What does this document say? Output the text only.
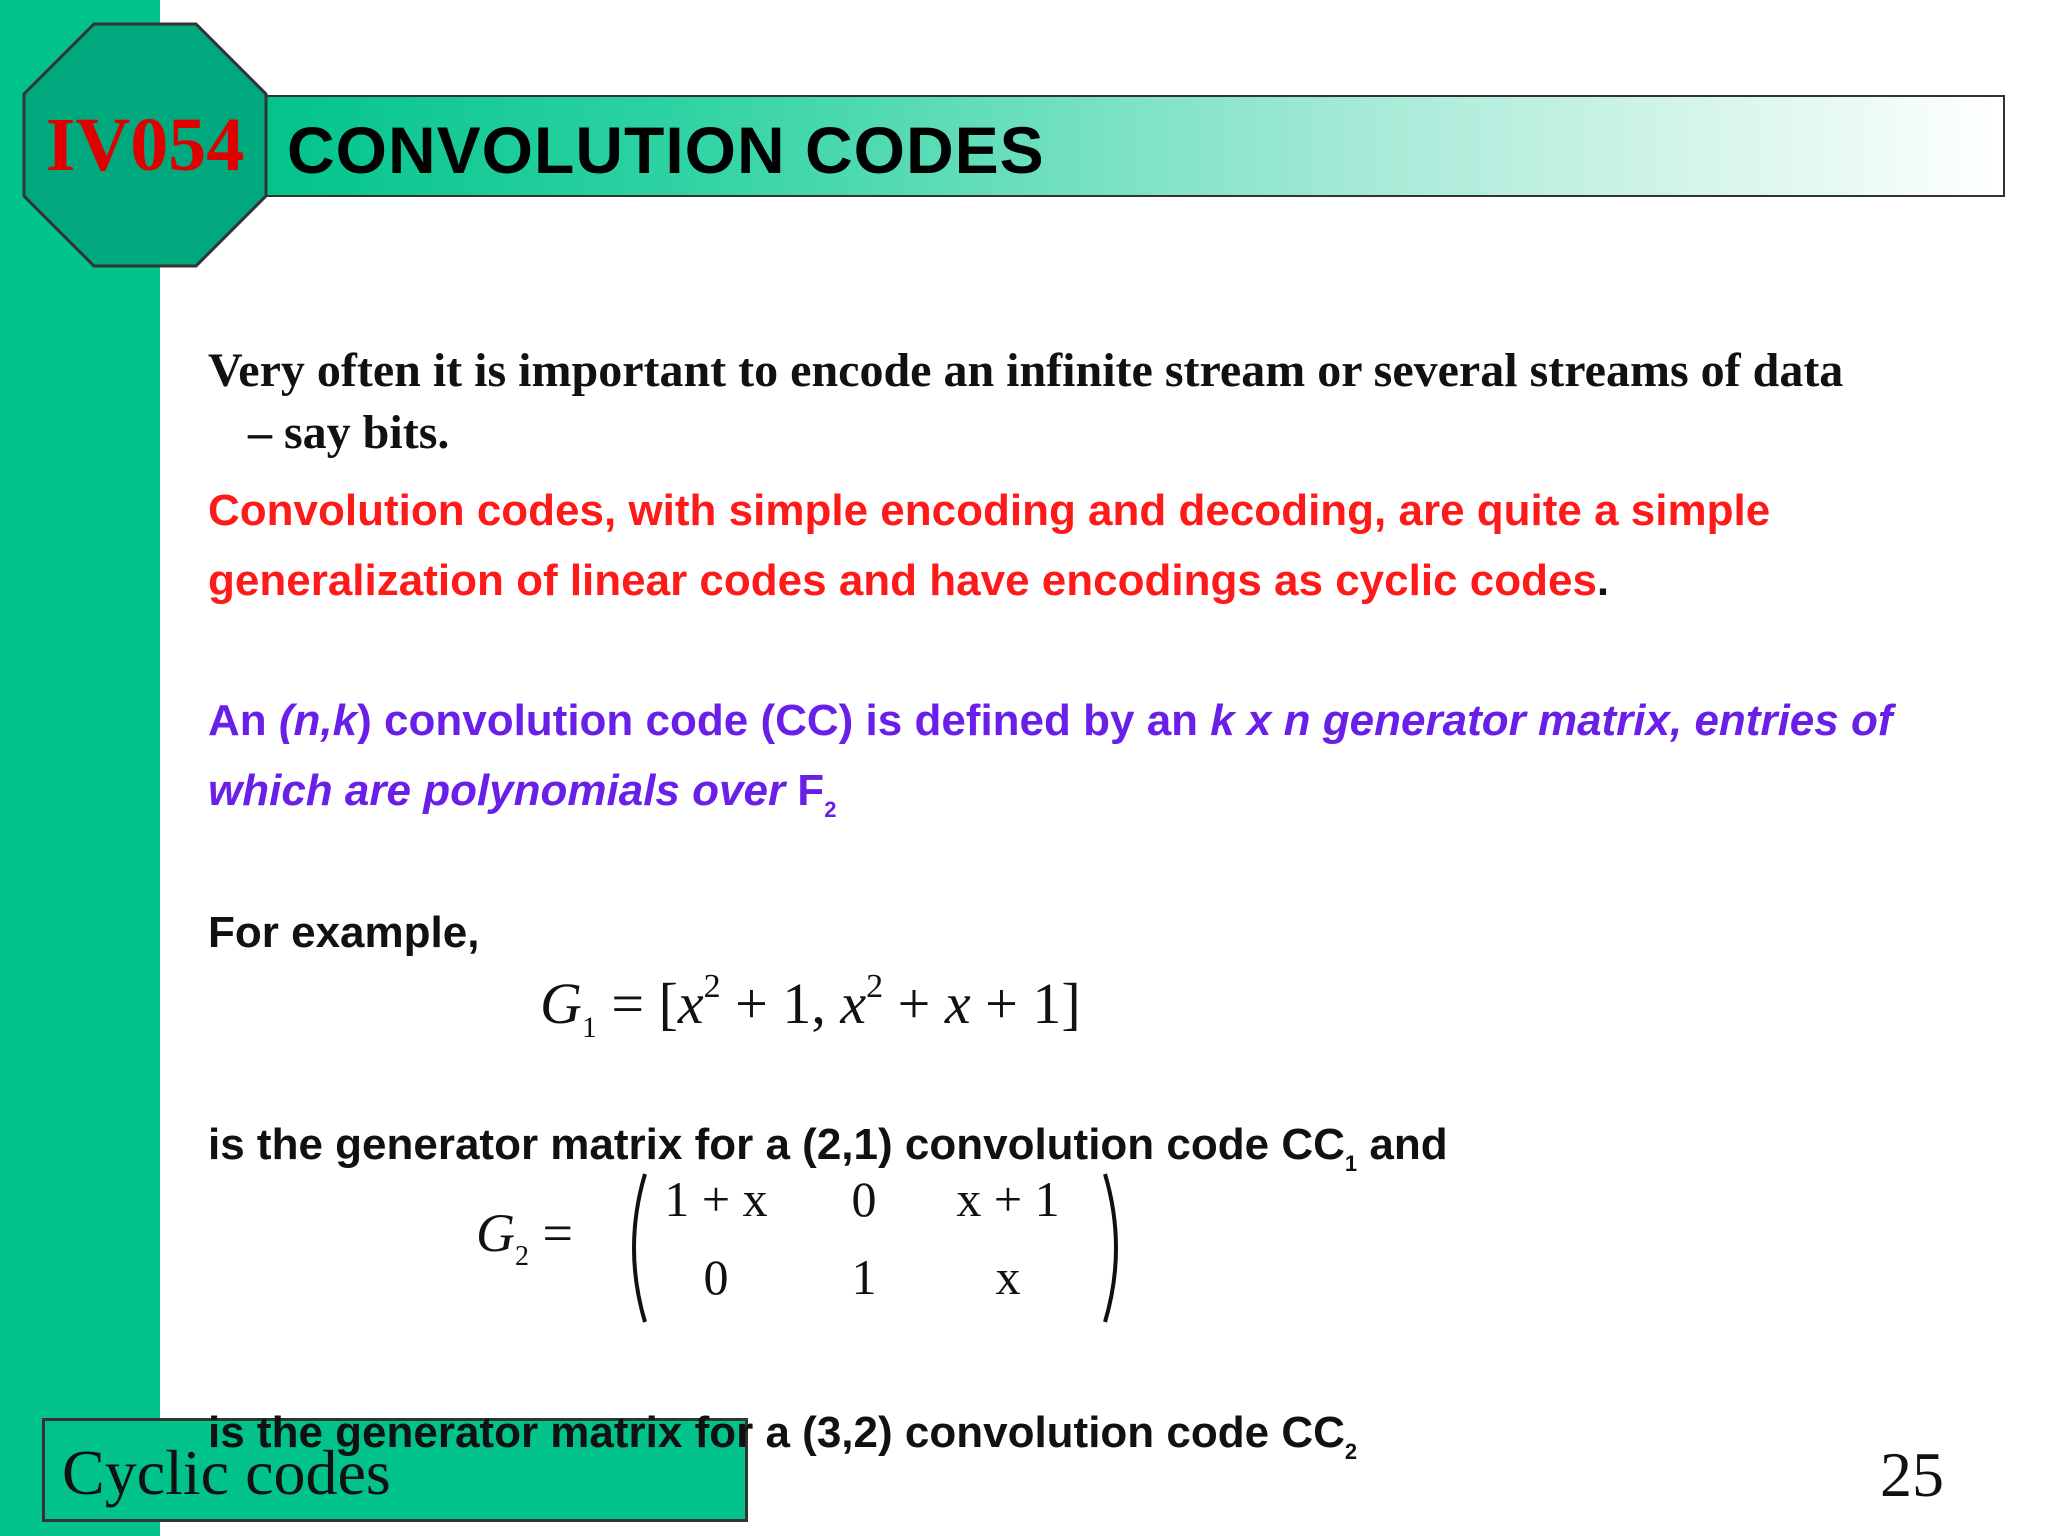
IV054 CONVOLUTION CODES
Very often it is important to encode an infinite stream or several streams of data
– say bits.
Convolution codes, with simple encoding and decoding, are quite a simple generalization of linear codes and have encodings as cyclic codes.
An (n,k) convolution code (CC) is defined by an k x n generator matrix, entries of which are polynomials over $F_2$
For example,
$G_1 = [x^2 + 1$, $x^2 + x + 1$]
is the generator matrix for a (2,1) convolution code $CC_1$ and
$G_2$ =
1 + x	0	x + 1
0	1	x
Cyclic codes
is the generator matrix for a (3,2) convolution code $CC_2$	25
